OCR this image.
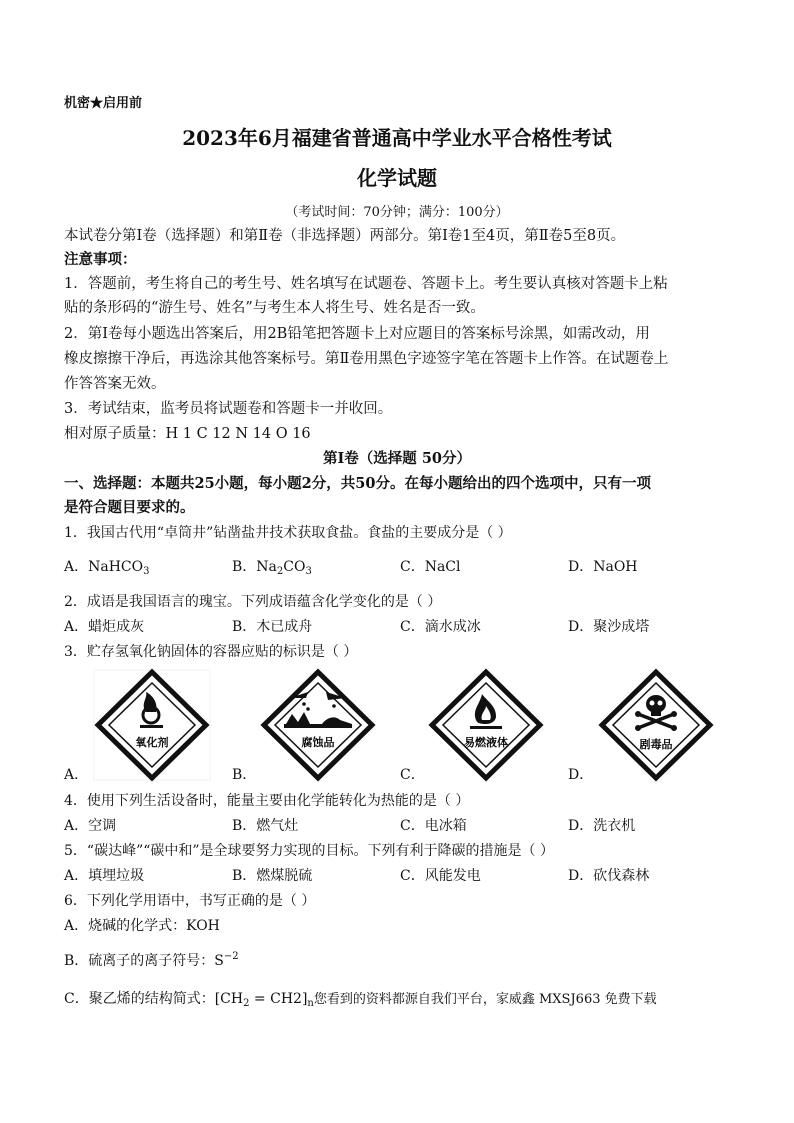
机密★启用前
2023年6月福建省普通高中学业水平合格性考试
化学试题
（考试时间：70分钟；满分：100分）
本试卷分第Ⅰ卷（选择题）和第Ⅱ卷（非选择题）两部分。第Ⅰ卷1至4页，第Ⅱ卷5至8页。
注意事项：
1．答题前，考生将自己的考生号、姓名填写在试题卷、答题卡上。考生要认真核对答题卡上粘
贴的条形码的“游生号、姓名”与考生本人将生号、姓名是否一致。
2．第Ⅰ卷每小题选出答案后，用2B铅笔把答题卡上对应题目的答案标号涂黑，如需改动，用
橡皮擦擦干净后，再选涂其他答案标号。第Ⅱ卷用黑色字迹签字笔在答题卡上作答。在试题卷上
作答答案无效。
3．考试结束，监考员将试题卷和答题卡一并收回。
相对原子质量：H 1 C 12 N 14 O 16
第Ⅰ卷（选择题 50分）
一、选择题：本题共25小题，每小题2分，共50分。在每小题给出的四个选项中，只有一项
是符合题目要求的。
1．我国古代用“卓筒井”钻凿盐井技术获取食盐。食盐的主要成分是（ ）
A．NaHCO$_3$	B．$Na_2CO_3$	C．NaCl	D．NaOH
2．成语是我国语言的瑰宝。下列成语蕴含化学变化的是（ ）
A．蜡炬成灰	B．木已成舟	C．滴水成冰	D．聚沙成塔
3．贮存氢氧化钠固体的容器应贴的标识是（ ）
A．
氧化剂
B．
腐蚀品
C．
易燃液体
D．
剧毒品
4．使用下列生活设备时，能量主要由化学能转化为热能的是（ ）
A．空调	B．燃气灶	C．电冰箱	D．洗衣机
5．“碳达峰”“碳中和”是全球要努力实现的目标。下列有利于降碳的措施是（ ）
A．填埋垃圾	B．燃煤脱硫	C．风能发电	D．砍伐森林
6．下列化学用语中，书写正确的是（ ）
A．烧碱的化学式：KOH
B．硫离子的离子符号：$S^{-2}$
C．聚乙烯的结构简式：$[CH_2 = CH2]_n$您看到的资料都源自我们平台，家威鑫 MXSJ663 免费下载
